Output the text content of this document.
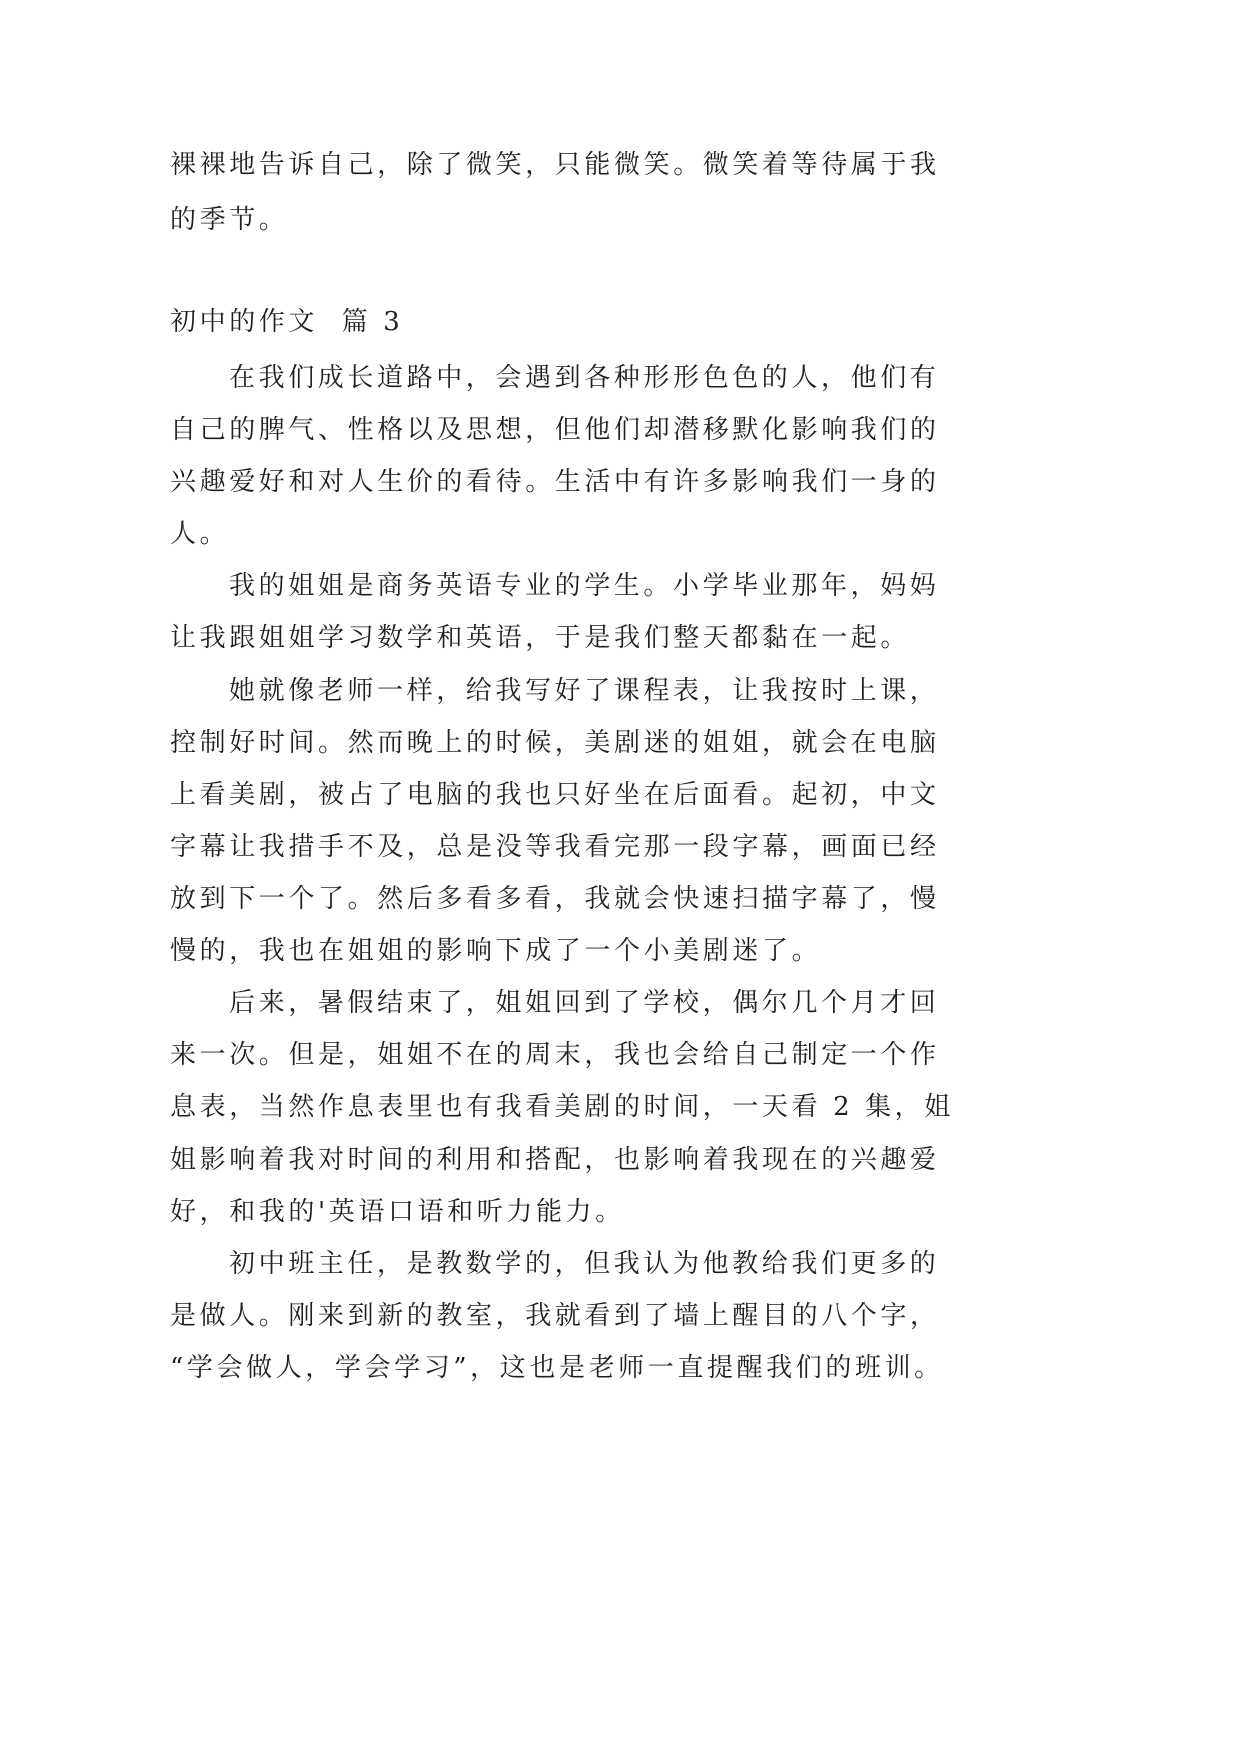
裸裸地告诉自己，除了微笑，只能微笑。微笑着等待属于我
的季节。
初中的作文  篇 3
在我们成长道路中，会遇到各种形形色色的人，他们有
自己的脾气、性格以及思想，但他们却潜移默化影响我们的
兴趣爱好和对人生价的看待。生活中有许多影响我们一身的
人。
我的姐姐是商务英语专业的学生。小学毕业那年，妈妈
让我跟姐姐学习数学和英语，于是我们整天都黏在一起。
她就像老师一样，给我写好了课程表，让我按时上课，
控制好时间。然而晚上的时候，美剧迷的姐姐，就会在电脑
上看美剧，被占了电脑的我也只好坐在后面看。起初，中文
字幕让我措手不及，总是没等我看完那一段字幕，画面已经
放到下一个了。然后多看多看，我就会快速扫描字幕了，慢
慢的，我也在姐姐的影响下成了一个小美剧迷了。
后来，暑假结束了，姐姐回到了学校，偶尔几个月才回
来一次。但是，姐姐不在的周末，我也会给自己制定一个作
息表，当然作息表里也有我看美剧的时间，一天看 2 集，姐
姐影响着我对时间的利用和搭配，也影响着我现在的兴趣爱
好，和我的'英语口语和听力能力。
初中班主任，是教数学的，但我认为他教给我们更多的
是做人。刚来到新的教室，我就看到了墙上醒目的八个字，
“学会做人，学会学习”，这也是老师一直提醒我们的班训。
